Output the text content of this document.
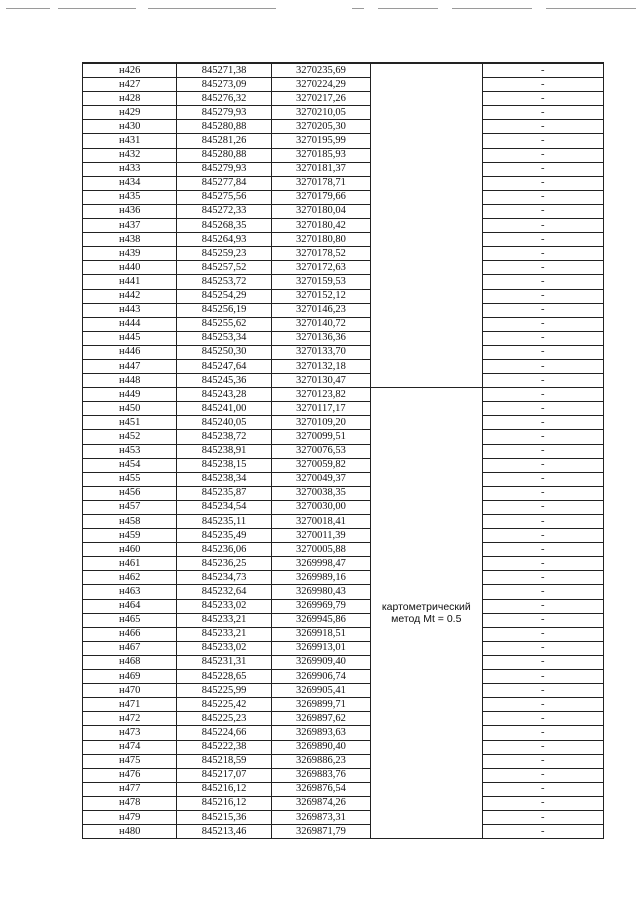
н426	845271,38	3270235,69		-
н427	845273,09	3270224,29		-
н428	845276,32	3270217,26		-
н429	845279,93	3270210,05		-
н430	845280,88	3270205,30		-
н431	845281,26	3270195,99		-
н432	845280,88	3270185,93		-
н433	845279,93	3270181,37		-
н434	845277,84	3270178,71		-
н435	845275,56	3270179,66		-
н436	845272,33	3270180,04		-
н437	845268,35	3270180,42		-
н438	845264,93	3270180,80		-
н439	845259,23	3270178,52		-
н440	845257,52	3270172,63		-
н441	845253,72	3270159,53		-
н442	845254,29	3270152,12		-
н443	845256,19	3270146,23		-
н444	845255,62	3270140,72		-
н445	845253,34	3270136,36		-
н446	845250,30	3270133,70		-
н447	845247,64	3270132,18		-
н448	845245,36	3270130,47		-
н449	845243,28	3270123,82	картометрический
метод Mt = 0.5	-
н450	845241,00	3270117,17		-
н451	845240,05	3270109,20		-
н452	845238,72	3270099,51		-
н453	845238,91	3270076,53		-
н454	845238,15	3270059,82		-
н455	845238,34	3270049,37		-
н456	845235,87	3270038,35		-
н457	845234,54	3270030,00		-
н458	845235,11	3270018,41		-
н459	845235,49	3270011,39		-
н460	845236,06	3270005,88		-
н461	845236,25	3269998,47		-
н462	845234,73	3269989,16		-
н463	845232,64	3269980,43		-
н464	845233,02	3269969,79		-
н465	845233,21	3269945,86		-
н466	845233,21	3269918,51		-
н467	845233,02	3269913,01		-
н468	845231,31	3269909,40		-
н469	845228,65	3269906,74		-
н470	845225,99	3269905,41		-
н471	845225,42	3269899,71		-
н472	845225,23	3269897,62		-
н473	845224,66	3269893,63		-
н474	845222,38	3269890,40		-
н475	845218,59	3269886,23		-
н476	845217,07	3269883,76		-
н477	845216,12	3269876,54		-
н478	845216,12	3269874,26		-
н479	845215,36	3269873,31		-
н480	845213,46	3269871,79		-
